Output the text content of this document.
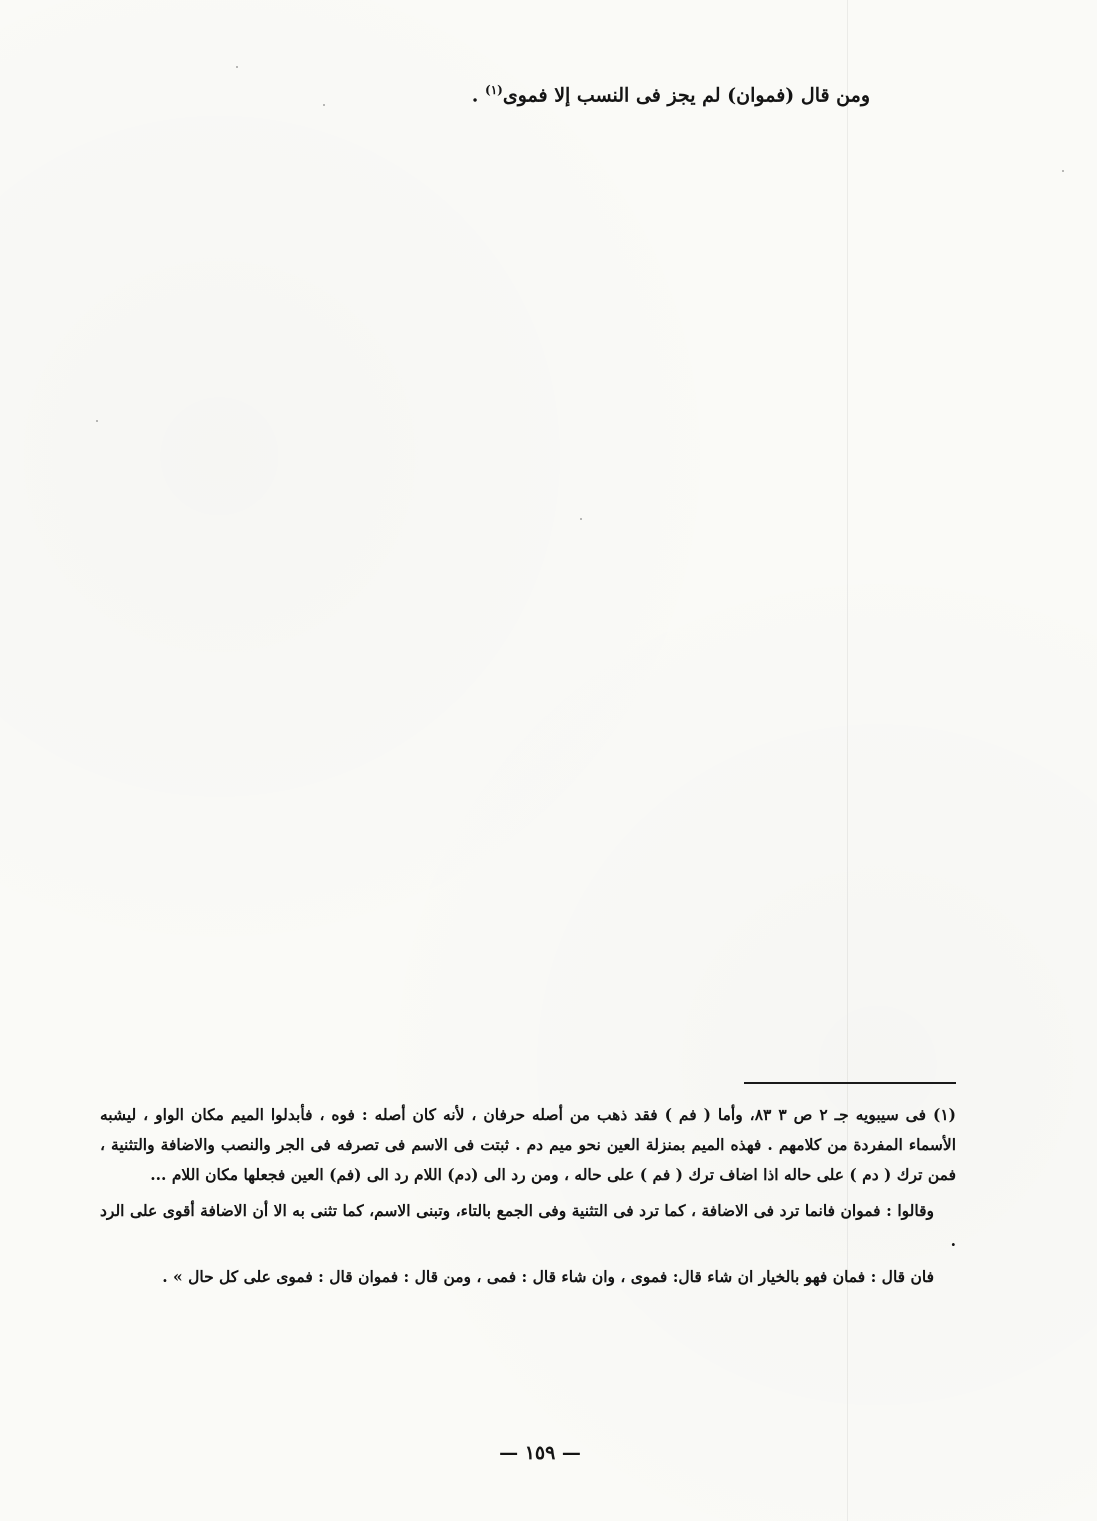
ومن قال (فموان) لم يجز فى النسب إلا فموى$^{(١)}$ .

(١) فى سيبويه جـ ٢ ص ٣ ٨٣، وأما ( فم ) فقد ذهب من أصله حرفان ، لأنه كان أصله : فوه ، فأبدلوا الميم مكان الواو ، ليشبه الأسماء المفردة من كلامهم . فهذه الميم بمنزلة العين نحو ميم دم . ثبتت فى الاسم فى تصرفه فى الجر والنصب والاضافة والتثنية ، فمن ترك ( دم ) على حاله اذا اضاف ترك ( فم ) على حاله ، ومن رد الى (دم) اللام رد الى (فم) العين فجعلها مكان اللام ...

وقالوا : فموان فانما ترد فى الاضافة ، كما ترد فى التثنية وفى الجمع بالتاء، وتبنى الاسم، كما تثنى به الا أن الاضافة أقوى على الرد .

فان قال : فمان فهو بالخيار ان شاء قال: فموى ، وان شاء قال : فمى ، ومن قال : فموان قال : فموى على كل حال » .

— ١٥٩ —
